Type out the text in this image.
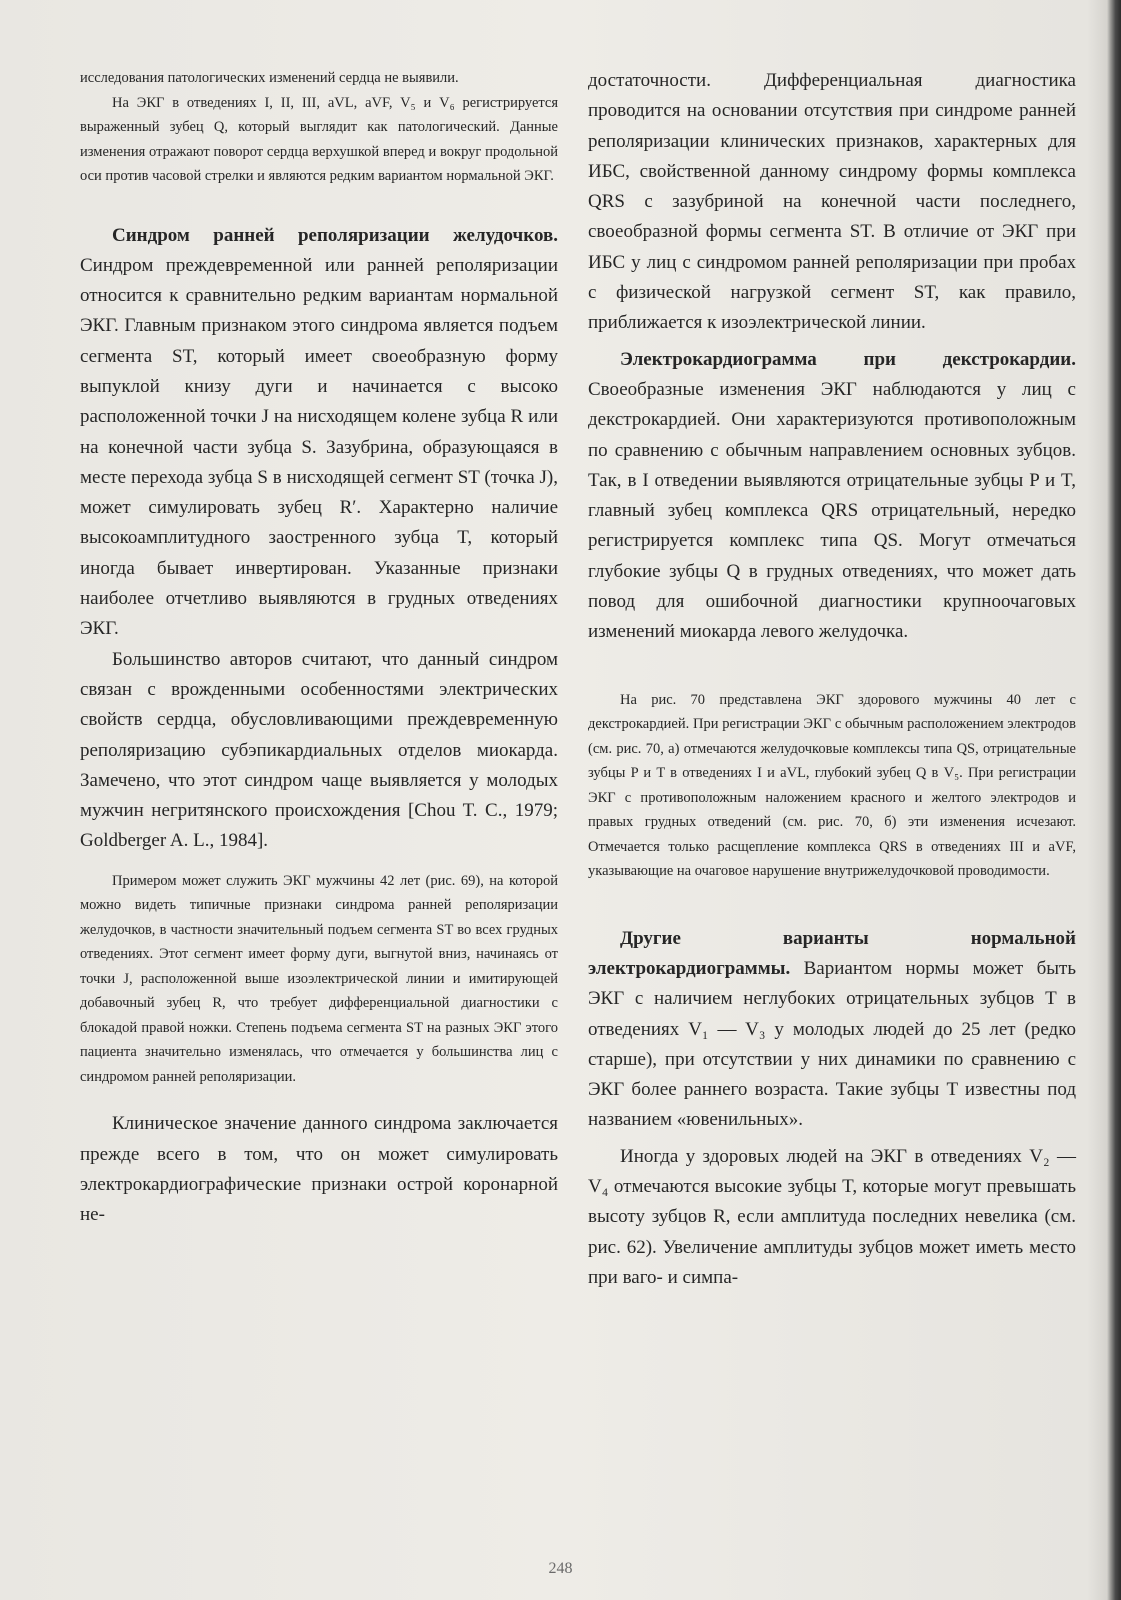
исследования патологических изменений сердца не выявили.

На ЭКГ в отведениях I, II, III, aVL, aVF, V₅ и V₆ регистрируется выраженный зубец Q, который выглядит как патологический. Данные изменения отражают поворот сердца верхушкой вперед и вокруг продольной оси против часовой стрелки и являются редким вариантом нормальной ЭКГ.

Синдром ранней реполяризации желудочков. Синдром преждевременной или ранней реполяризации относится к сравнительно редким вариантам нормальной ЭКГ. Главным признаком этого синдрома является подъем сегмента ST, который имеет своеобразную форму выпуклой книзу дуги и начинается с высоко расположенной точки J на нисходящем колене зубца R или на конечной части зубца S. Зазубрина, образующаяся в месте перехода зубца S в нисходящей сегмент ST (точка J), может симулировать зубец R′. Характерно наличие высокоамплитудного заостренного зубца T, который иногда бывает инвертирован. Указанные признаки наиболее отчетливо выявляются в грудных отведениях ЭКГ.

Большинство авторов считают, что данный синдром связан с врожденными особенностями электрических свойств сердца, обусловливающими преждевременную реполяризацию субэпикардиальных отделов миокарда. Замечено, что этот синдром чаще выявляется у молодых мужчин негритянского происхождения [Chou T. C., 1979; Goldberger A. L., 1984].

Примером может служить ЭКГ мужчины 42 лет (рис. 69), на которой можно видеть типичные признаки синдрома ранней реполяризации желудочков, в частности значительный подъем сегмента ST во всех грудных отведениях. Этот сегмент имеет форму дуги, выгнутой вниз, начинаясь от точки J, расположенной выше изоэлектрической линии и имитирующей добавочный зубец R, что требует дифференциальной диагностики с блокадой правой ножки. Степень подъема сегмента ST на разных ЭКГ этого пациента значительно изменялась, что отмечается у большинства лиц с синдромом ранней реполяризации.

Клиническое значение данного синдрома заключается прежде всего в том, что он может симулировать электрокардиографические признаки острой коронарной не-

достаточности. Дифференциальная диагностика проводится на основании отсутствия при синдроме ранней реполяризации клинических признаков, характерных для ИБС, свойственной данному синдрому формы комплекса QRS с зазубриной на конечной части последнего, своеобразной формы сегмента ST. В отличие от ЭКГ при ИБС у лиц с синдромом ранней реполяризации при пробах с физической нагрузкой сегмент ST, как правило, приближается к изоэлектрической линии.

Электрокардиограмма при декстрокардии. Своеобразные изменения ЭКГ наблюдаются у лиц с декстрокардией. Они характеризуются противоположным по сравнению с обычным направлением основных зубцов. Так, в I отведении выявляются отрицательные зубцы P и T, главный зубец комплекса QRS отрицательный, нередко регистрируется комплекс типа QS. Могут отмечаться глубокие зубцы Q в грудных отведениях, что может дать повод для ошибочной диагностики крупноочаговых изменений миокарда левого желудочка.

На рис. 70 представлена ЭКГ здорового мужчины 40 лет с декстрокардией. При регистрации ЭКГ с обычным расположением электродов (см. рис. 70, а) отмечаются желудочковые комплексы типа QS, отрицательные зубцы P и T в отведениях I и aVL, глубокий зубец Q в V₅. При регистрации ЭКГ с противоположным наложением красного и желтого электродов и правых грудных отведений (см. рис. 70, б) эти изменения исчезают. Отмечается только расщепление комплекса QRS в отведениях III и aVF, указывающие на очаговое нарушение внутрижелудочковой проводимости.

Другие варианты нормальной электрокардиограммы. Вариантом нормы может быть ЭКГ с наличием неглубоких отрицательных зубцов T в отведениях V₁ — V₃ у молодых людей до 25 лет (редко старше), при отсутствии у них динамики по сравнению с ЭКГ более раннего возраста. Такие зубцы T известны под названием «ювенильных».

Иногда у здоровых людей на ЭКГ в отведениях V₂ — V₄ отмечаются высокие зубцы T, которые могут превышать высоту зубцов R, если амплитуда последних невелика (см. рис. 62). Увеличение амплитуды зубцов может иметь место при ваго- и симпа-

248
